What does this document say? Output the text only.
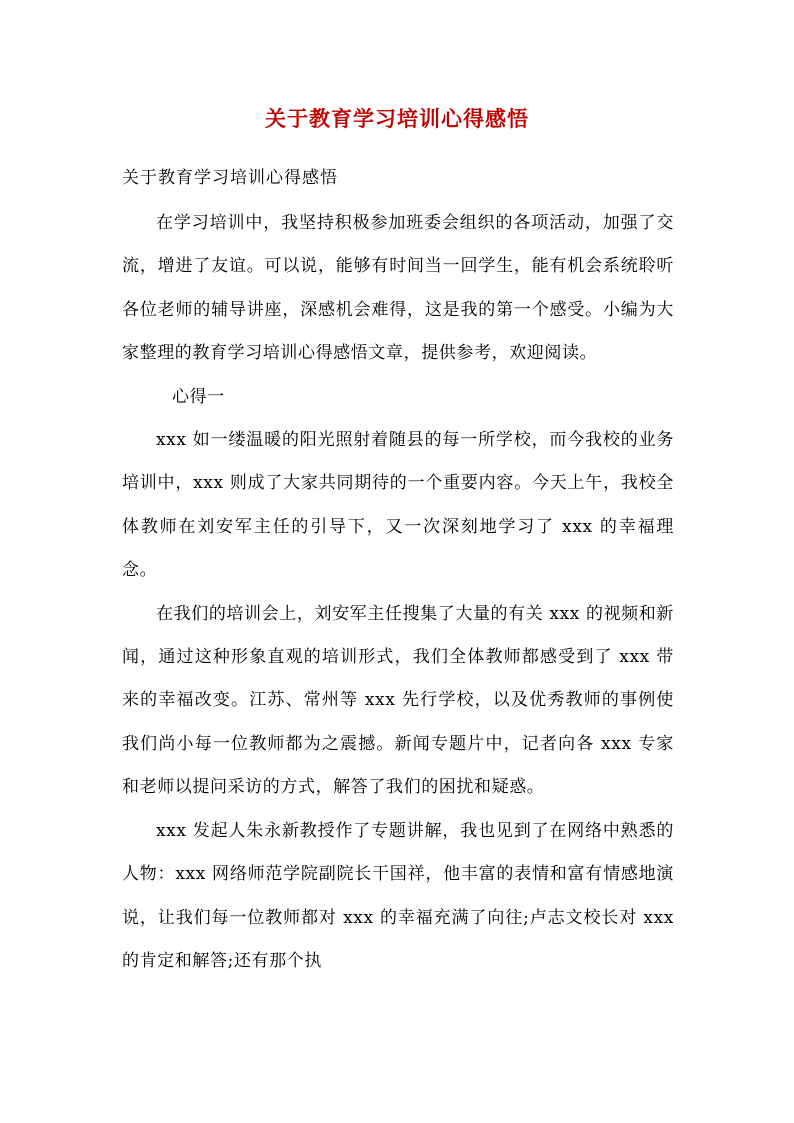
关于教育学习培训心得感悟
关于教育学习培训心得感悟

在学习培训中，我坚持积极参加班委会组织的各项活动，加强了交流，增进了友谊。可以说，能够有时间当一回学生，能有机会系统聆听各位老师的辅导讲座，深感机会难得，这是我的第一个感受。小编为大家整理的教育学习培训心得感悟文章，提供参考，欢迎阅读。

心得一

xxx 如一缕温暖的阳光照射着随县的每一所学校，而今我校的业务培训中，xxx 则成了大家共同期待的一个重要内容。今天上午，我校全体教师在刘安军主任的引导下，又一次深刻地学习了 xxx 的幸福理念。

在我们的培训会上，刘安军主任搜集了大量的有关 xxx 的视频和新闻，通过这种形象直观的培训形式，我们全体教师都感受到了 xxx 带来的幸福改变。江苏、常州等 xxx 先行学校，以及优秀教师的事例使我们尚小每一位教师都为之震撼。新闻专题片中，记者向各 xxx 专家和老师以提问采访的方式，解答了我们的困扰和疑惑。

xxx 发起人朱永新教授作了专题讲解，我也见到了在网络中熟悉的人物：xxx 网络师范学院副院长干国祥，他丰富的表情和富有情感地演说，让我们每一位教师都对 xxx 的幸福充满了向往;卢志文校长对 xxx 的肯定和解答;还有那个执
